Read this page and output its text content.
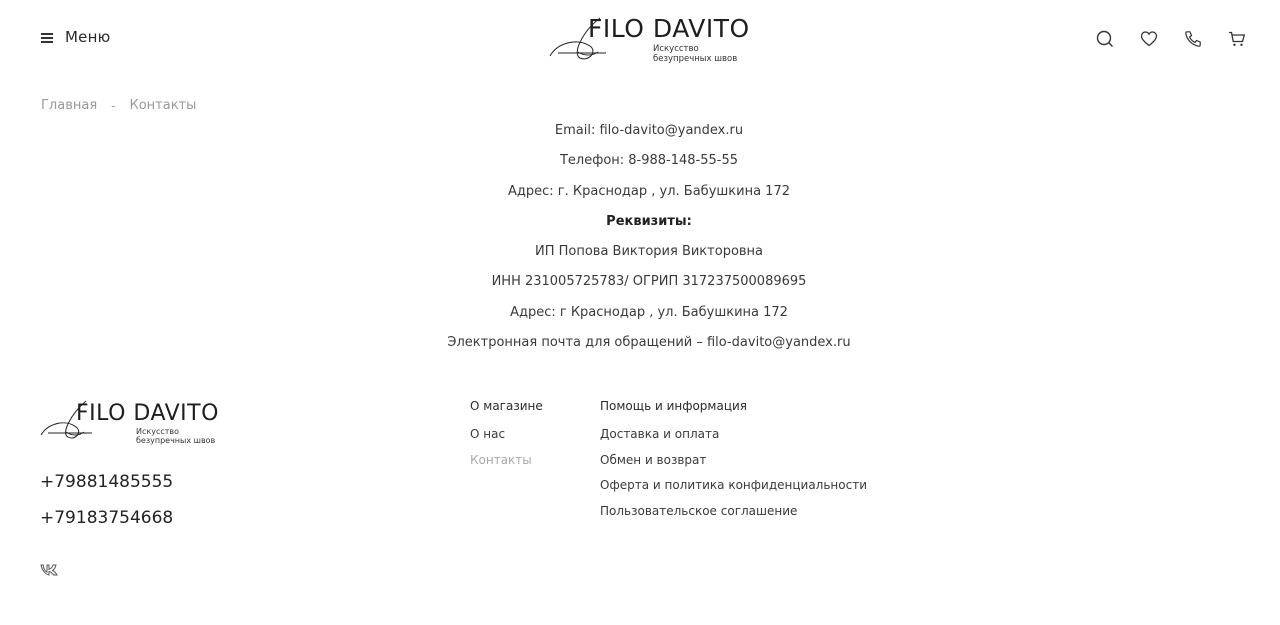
Меню	FILO DAVITO
Искусство
безупречных швов
Главная - Контакты

Email: filo-davito@yandex.ru

Телефон: 8-988-148-55-55

Адрес: г. Краснодар , ул. Бабушкина 172

Реквизиты:

ИП Попова Виктория Викторовна

ИНН 231005725783/ ОГРИП 317237500089695

Адрес: г Краснодар , ул. Бабушкина 172

Электронная почта для обращений – filo-davito@yandex.ru

FILO DAVITO
Искусство
безупречных швов
+79881485555
+79183754668
О магазине
О нас
Контакты
Помощь и информация
Доставка и оплата
Обмен и возврат
Оферта и политика конфиденциальности
Пользовательское соглашение
